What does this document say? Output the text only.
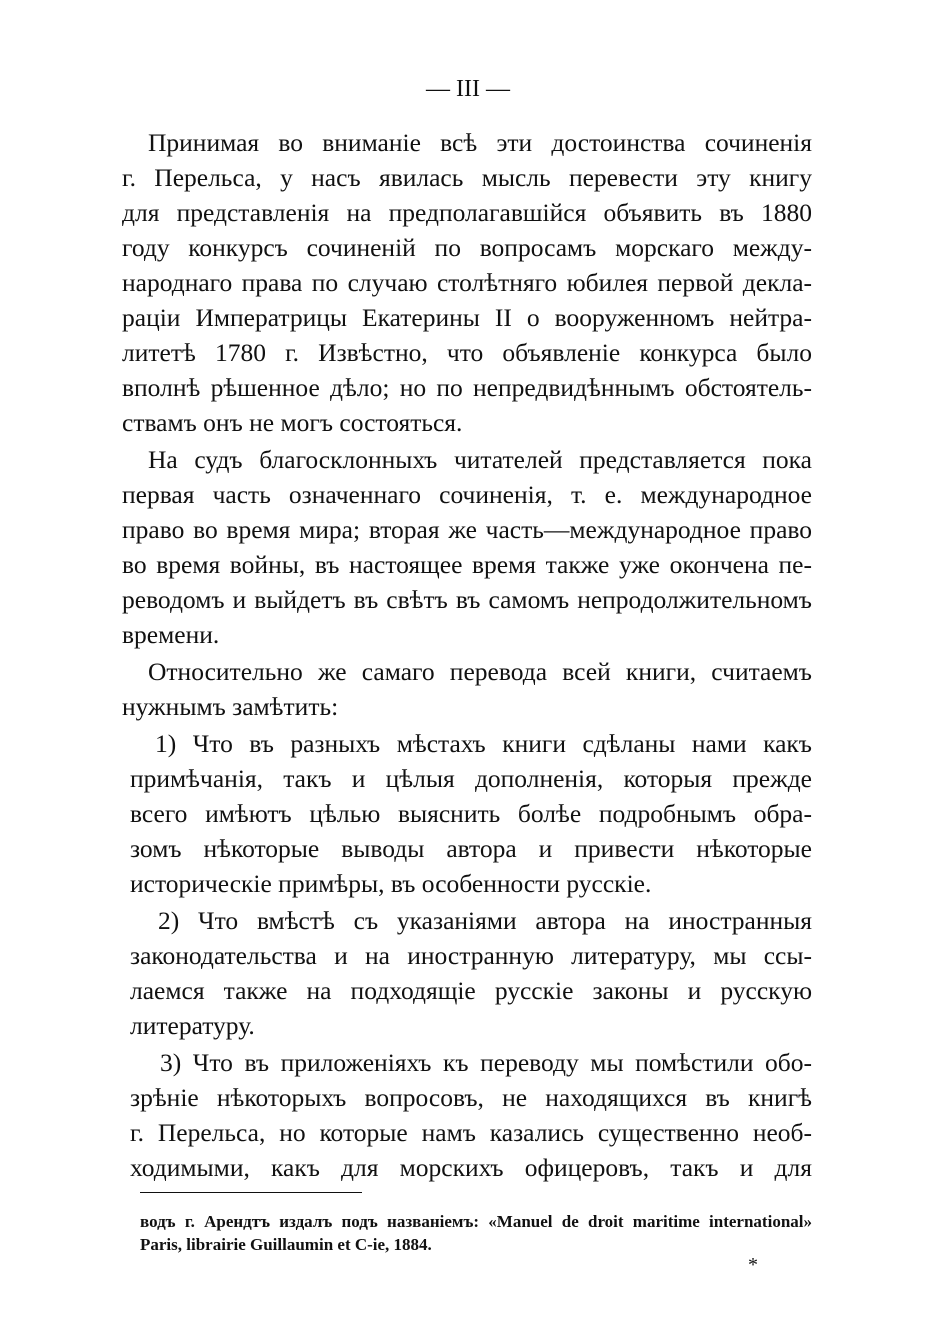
— III —
Принимая во вниманіе всѣ эти достоинства сочиненія
г. Перельса, у насъ явилась мысль перевести эту книгу
для представленія на предполагавшійся объявить въ 1880
году конкурсъ сочиненій по вопросамъ морскаго между-
народнаго права по случаю столѣтняго юбилея первой декла-
раціи Императрицы Екатерины II о вооруженномъ нейтра-
литетѣ 1780 г. Извѣстно, что объявленіе конкурса было
вполнѣ рѣшенное дѣло; но по непредвидѣннымъ обстоятель-
ствамъ онъ не могъ состояться.
На судъ благосклонныхъ читателей представляется пока
первая часть означеннаго сочиненія, т. е. международное
право во время мира; вторая же часть—международное право
во время войны, въ настоящее время также уже окончена пе-
реводомъ и выйдетъ въ свѣтъ въ самомъ непродолжительномъ
времени.
Относительно же самаго перевода всей книги, считаемъ
нужнымъ замѣтить:
1) Что въ разныхъ мѣстахъ книги сдѣланы нами какъ
примѣчанія, такъ и цѣлыя дополненія, которыя прежде
всего имѣютъ цѣлью выяснить болѣе подробнымъ обра-
зомъ нѣкоторые выводы автора и привести нѣкоторые
историческіе примѣры, въ особенности русскіе.
2) Что вмѣстѣ съ указаніями автора на иностранныя
законодательства и на иностранную литературу, мы ссы-
лаемся также на подходящіе русскіе законы и русскую
литературу.
3) Что въ приложеніяхъ къ переводу мы помѣстили обо-
зрѣніе нѣкоторыхъ вопросовъ, не находящихся въ книгѣ
г. Перельса, но которые намъ казались существенно необ-
ходимыми, какъ для морскихъ офицеровъ, такъ и для
водъ г. Арендтъ издалъ подъ названіемъ: «Manuel de droit maritime international»
Paris, librairie Guillaumin et C-ie, 1884.
*
